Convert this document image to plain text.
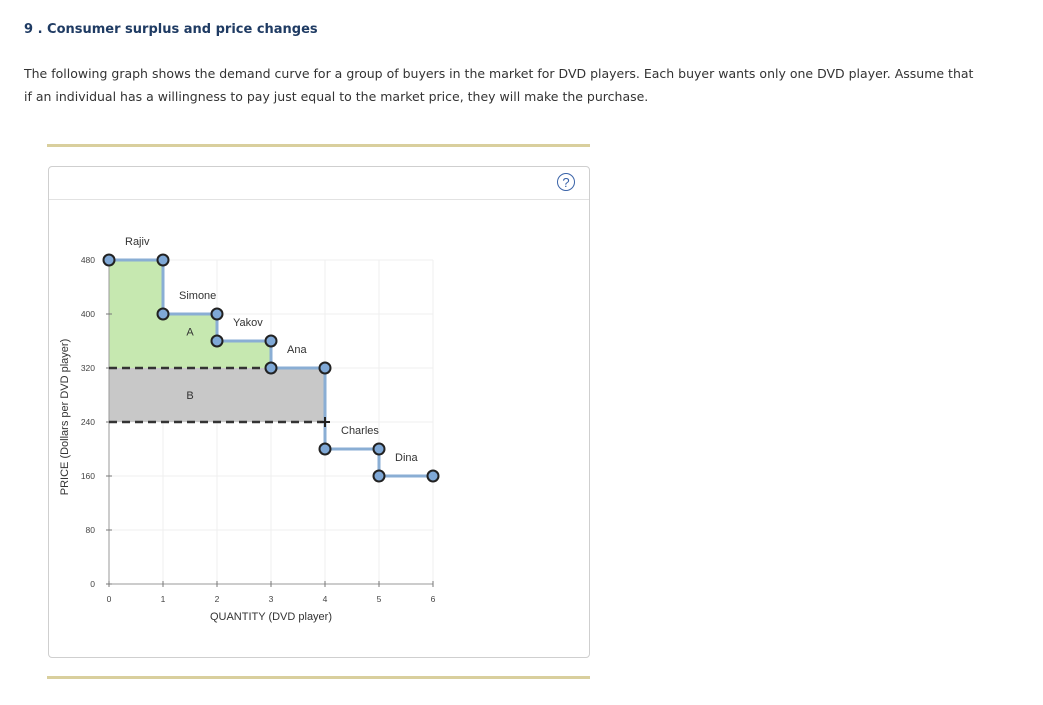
9 . Consumer surplus and price changes
The following graph shows the demand curve for a group of buyers in the market for DVD players. Each buyer wants only one DVD player. Assume that if an individual has a willingness to pay just equal to the market price, they will make the purchase.
?
0
80
160
240
320
400
480
0	1	2	3	4	5	6
QUANTITY (DVD player)
PRICE (Dollars per DVD player)
Rajiv
Simone
Yakov
Ana
Charles
Dina
A
B
